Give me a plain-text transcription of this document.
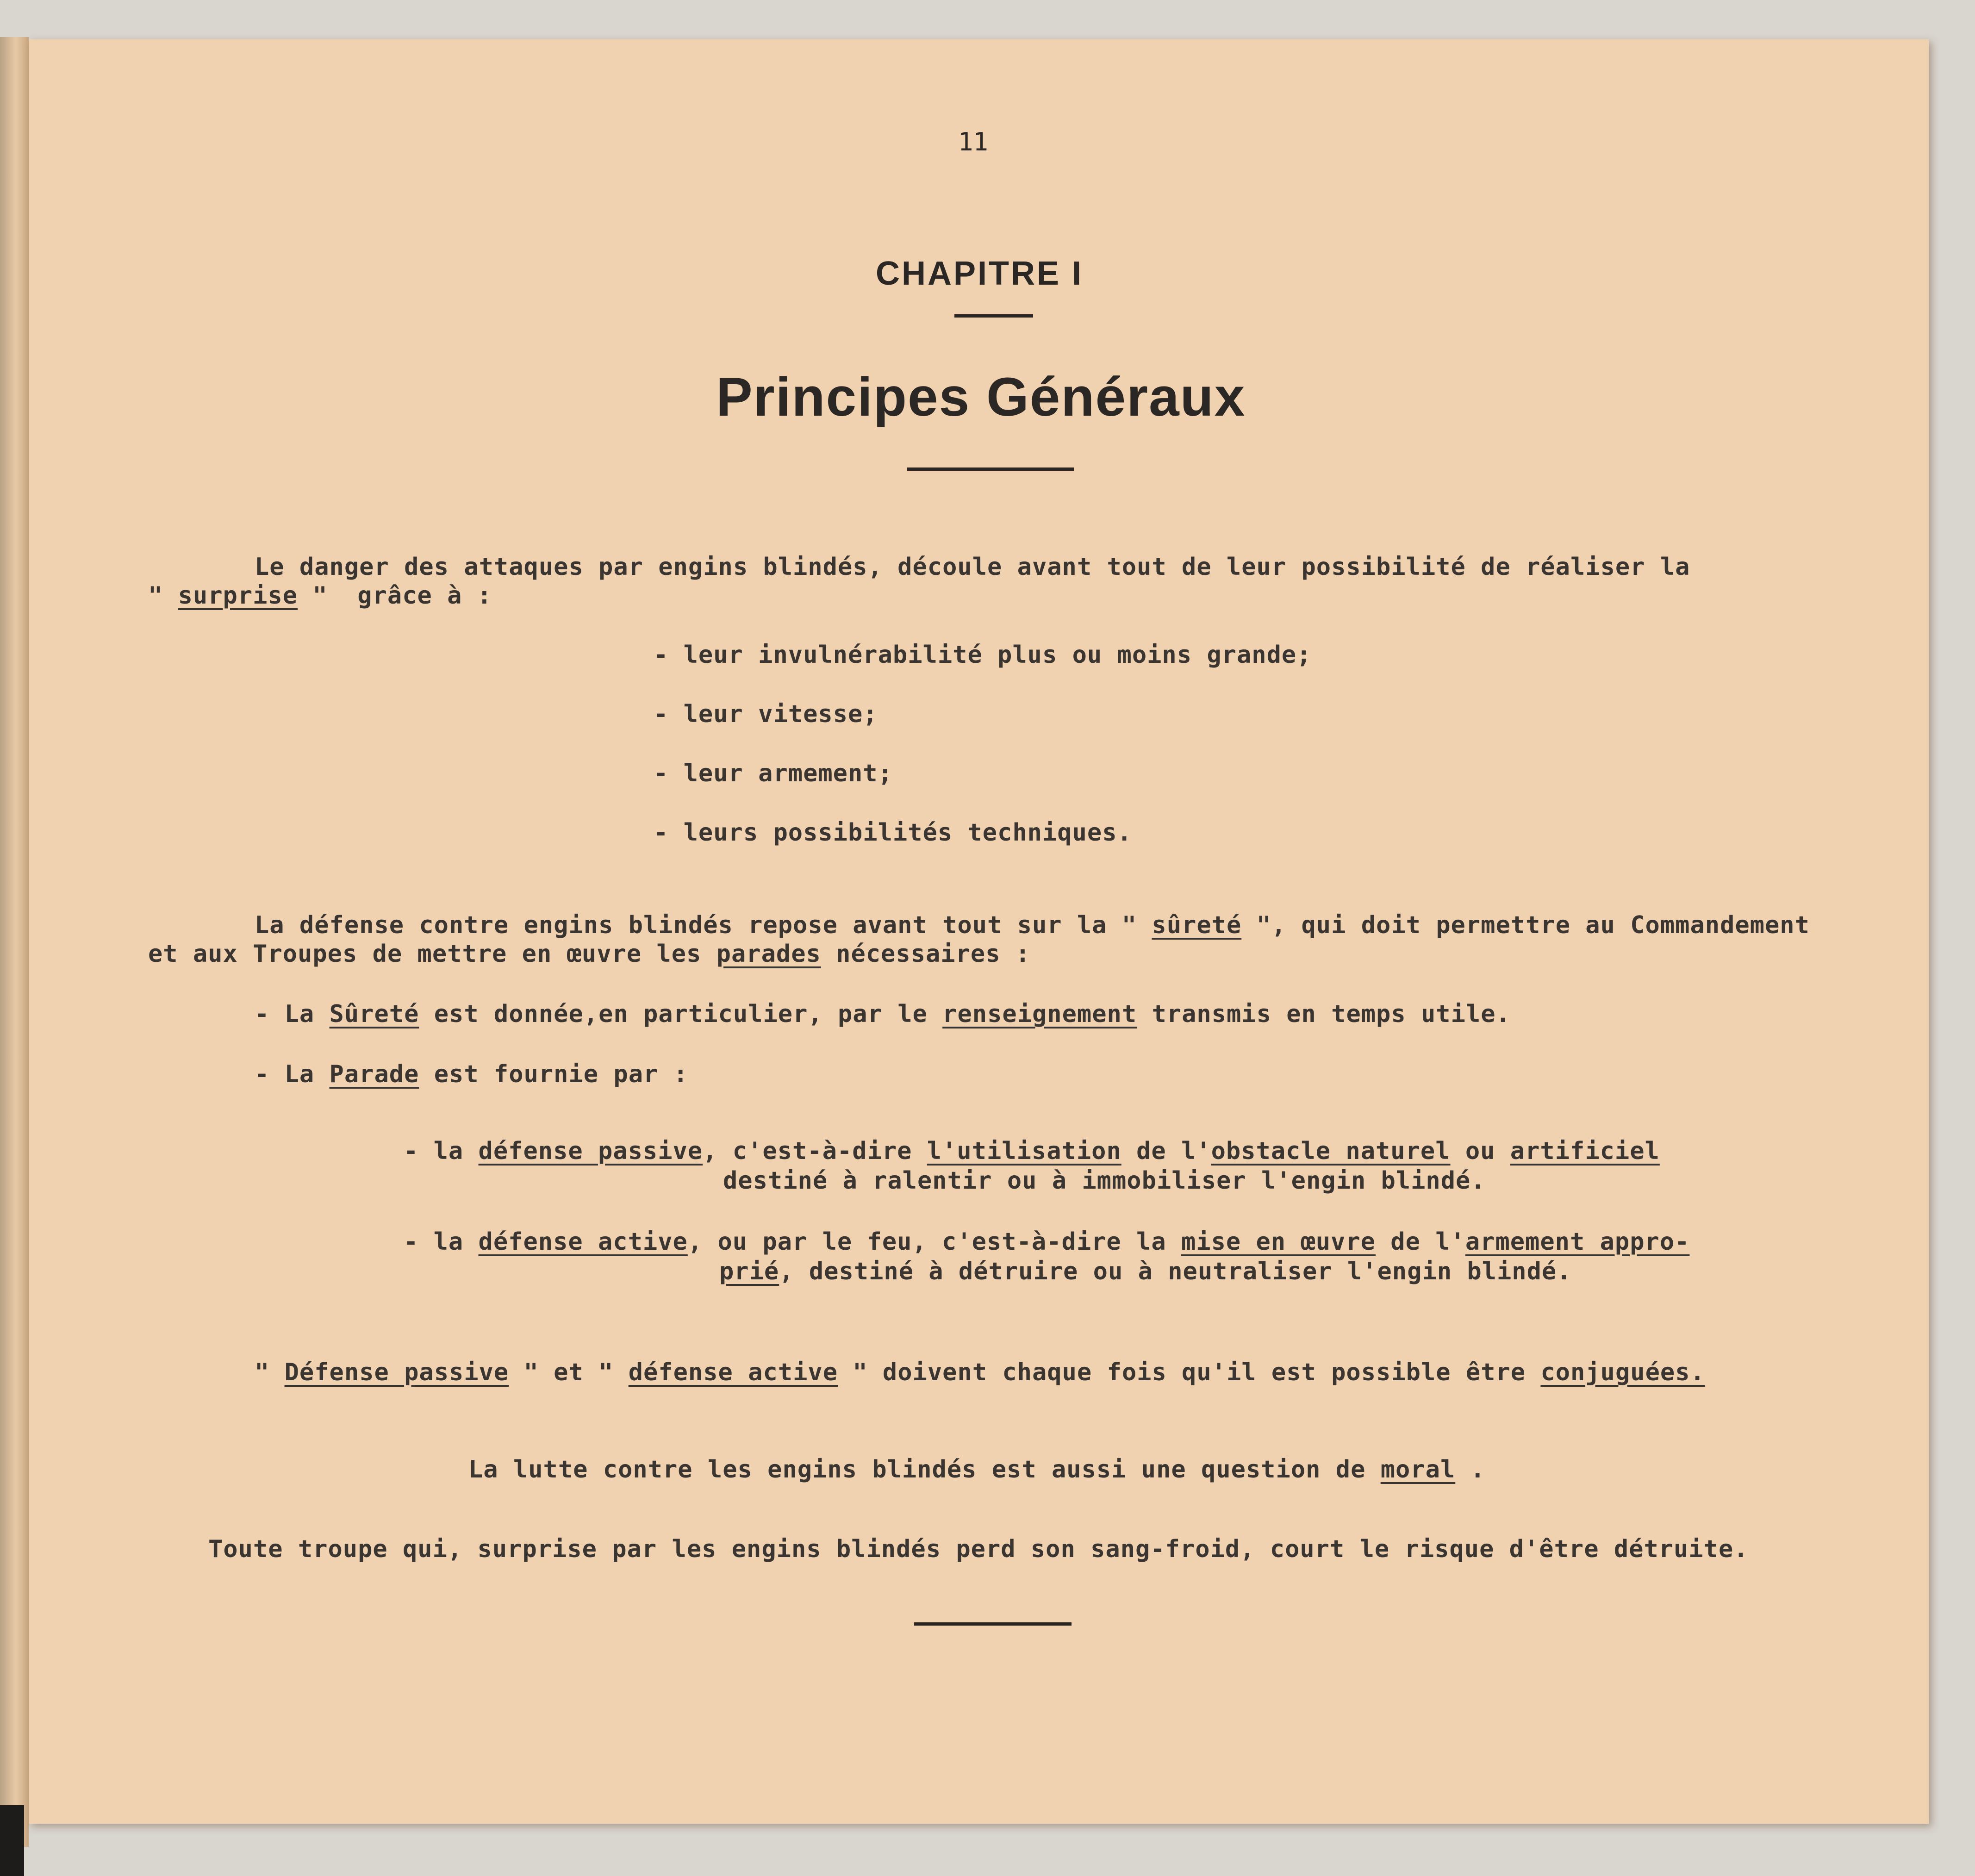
11
CHAPITRE I
Principes Généraux
Le danger des attaques par engins blindés, découle avant tout de leur possibilité de réaliser la
" surprise "  grâce à :
- leur invulnérabilité plus ou moins grande;
- leur vitesse;
- leur armement;
- leurs possibilités techniques.
La défense contre engins blindés repose avant tout sur la " sûreté ", qui doit permettre au Commandement
et aux Troupes de mettre en œuvre les parades nécessaires :
- La Sûreté est donnée,en particulier, par le renseignement transmis en temps utile.
- La Parade est fournie par :
- la défense passive, c'est-à-dire l'utilisation de l'obstacle naturel ou artificiel
destiné à ralentir ou à immobiliser l'engin blindé.
- la défense active, ou par le feu, c'est-à-dire la mise en œuvre de l'armement appro-
prié, destiné à détruire ou à neutraliser l'engin blindé.
" Défense passive " et " défense active " doivent chaque fois qu'il est possible être conjuguées.
La lutte contre les engins blindés est aussi une question de moral .
Toute troupe qui, surprise par les engins blindés perd son sang-froid, court le risque d'être détruite.
